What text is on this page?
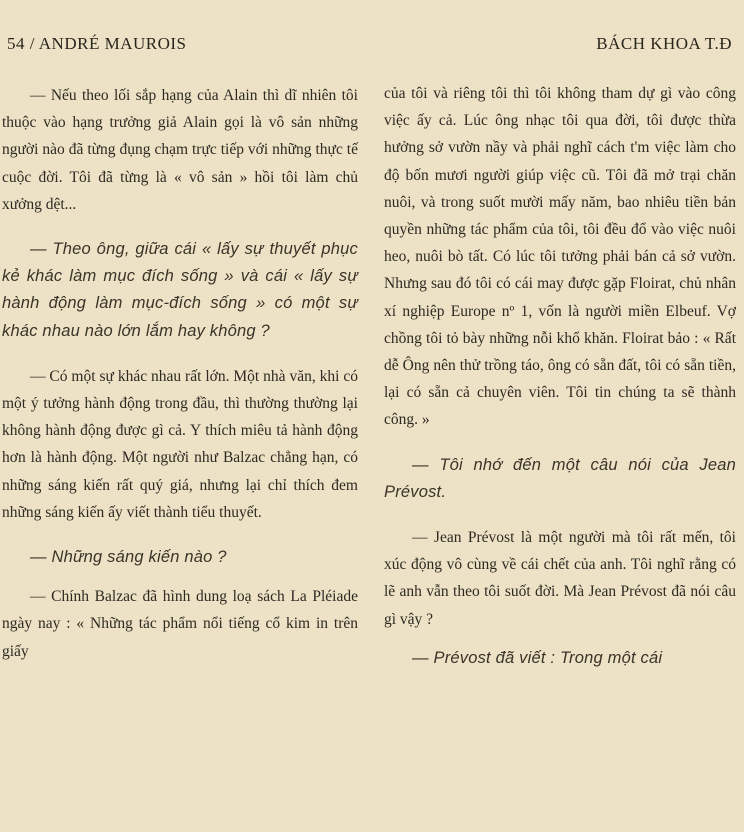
54 / ANDRÉ MAUROIS	BÁCH KHOA T.Đ

— Nếu theo lối sắp hạng của Alain thì dĩ nhiên tôi thuộc vào hạng trưởng giả Alain gọi là vô sản những người nào đã từng đụng chạm trực tiếp với những thực tế cuộc đời. Tôi đã từng là « vô sản » hồi tôi làm chủ xưởng dệt...

— Theo ông, giữa cái « lấy sự thuyết phục kẻ khác làm mục đích sống » và cái « lấy sự hành động làm mục-đích sống » có một sự khác nhau nào lớn lắm hay không ?

— Có một sự khác nhau rất lớn. Một nhà văn, khi có một ý tưởng hành động trong đầu, thì thường thường lại không hành động được gì cả. Y thích miêu tả hành động hơn là hành động. Một người như Balzac chẳng hạn, có những sáng kiến rất quý giá, nhưng lại chỉ thích đem những sáng kiến ấy viết thành tiểu thuyết.

— Những sáng kiến nào ?

— Chính Balzac đã hình dung loạ sách La Pléiade ngày nay : « Những tác phẩm nổi tiếng cổ kim in trên giấy

của tôi và riêng tôi thì tôi không tham dự gì vào công việc ấy cả. Lúc ông nhạc tôi qua đời, tôi được thừa hưởng sở vườn nầy và phải nghĩ cách t'm việc làm cho độ bốn mươi người giúp việc cũ. Tôi đã mở trại chăn nuôi, và trong suốt mười mấy năm, bao nhiêu tiền bản quyền những tác phẩm của tôi, tôi đều đổ vào việc nuôi heo, nuôi bò tất. Có lúc tôi tưởng phải bán cả sở vườn. Nhưng sau đó tôi có cái may được gặp Floirat, chủ nhân xí nghiệp Europe nº 1, vốn là người miền Elbeuf. Vợ chồng tôi tỏ bày những nỗi khổ khăn. Floirat bảo : « Rất dễ Ông nên thử trồng táo, ông có sẵn đất, tôi có sẵn tiền, lại có sẵn cả chuyên viên. Tôi tin chúng ta sẽ thành công. »

— Tôi nhớ đến một câu nói của Jean Prévost.

— Jean Prévost là một người mà tôi rất mến, tôi xúc động vô cùng về cái chết của anh. Tôi nghĩ rằng có lẽ anh vẫn theo tôi suốt đời. Mà Jean Prévost đã nói câu gì vậy ?

— Prévost đã viết : Trong một cái
